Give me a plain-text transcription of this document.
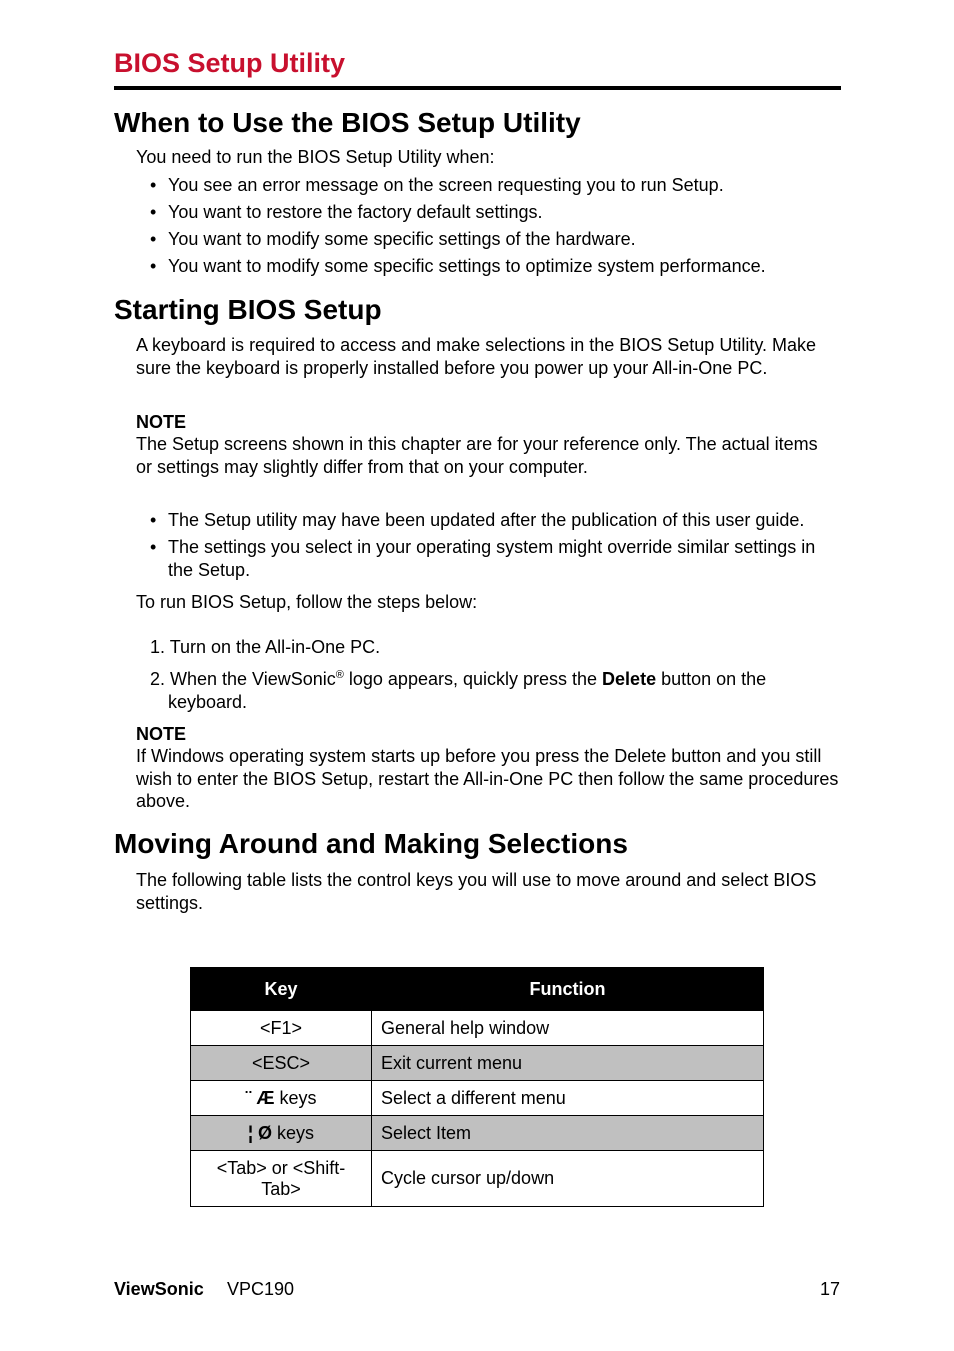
BIOS Setup Utility
When to Use the BIOS Setup Utility

You need to run the BIOS Setup Utility when:

• You see an error message on the screen requesting you to run Setup.

• You want to restore the factory default settings.

• You want to modify some specific settings of the hardware.

• You want to modify some specific settings to optimize system performance.

Starting BIOS Setup

A keyboard is required to access and make selections in the BIOS Setup Utility. Make sure the keyboard is properly installed before you power up your All-in-One PC.

NOTE

The Setup screens shown in this chapter are for your reference only. The actual items or settings may slightly differ from that on your computer.

• The Setup utility may have been updated after the publication of this user guide.

• The settings you select in your operating system might override similar settings in the Setup.

To run BIOS Setup, follow the steps below:

1. Turn on the All-in-One PC.

2. When the ViewSonic® logo appears, quickly press the Delete button on the
keyboard.

NOTE

If Windows operating system starts up before you press the Delete button and you still wish to enter the BIOS Setup, restart the All-in-One PC then follow the same procedures above.

Moving Around and Making Selections

The following table lists the control keys you will use to move around and select BIOS settings.

Key	Function
<F1>	General help window
<ESC>	Exit current menu
¨ Æ keys	Select a different menu
¦ Ø keys	Select Item
<Tab> or <Shift-Tab>	Cycle cursor up/down
ViewSonic VPC190	17
